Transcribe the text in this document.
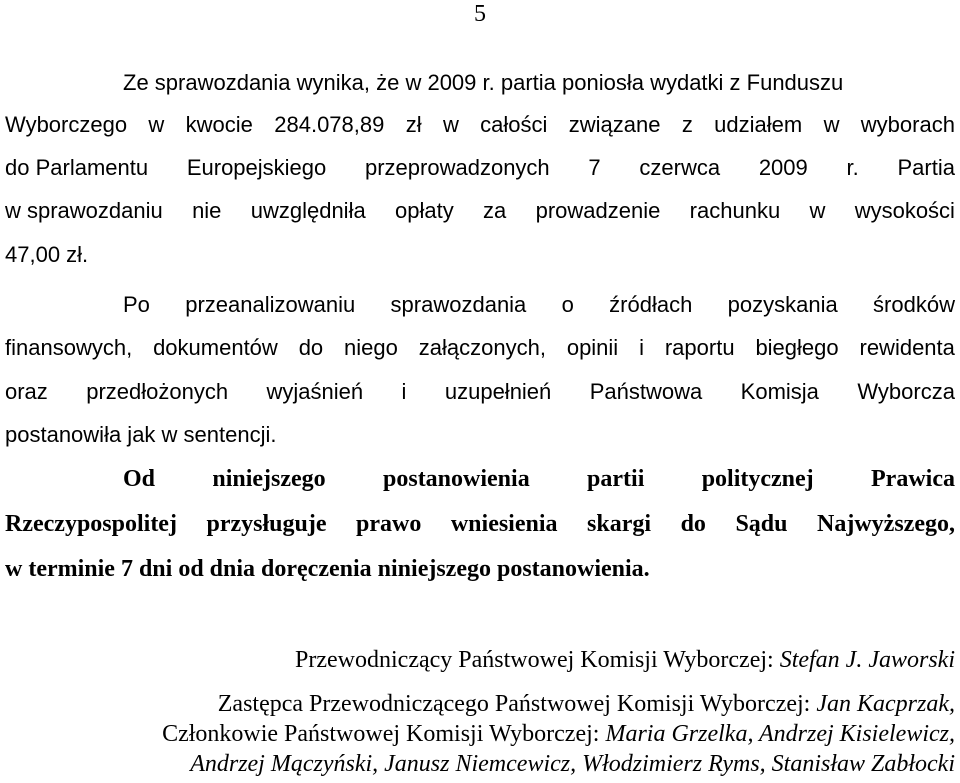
5
Ze sprawozdania wynika, że w 2009 r. partia poniosła wydatki z Funduszu
Wyborczego w kwocie 284.078,89 zł w całości związane z udziałem w wyborach
do Parlamentu Europejskiego przeprowadzonych 7 czerwca 2009 r. Partia
w sprawozdaniu nie uwzględniła opłaty za prowadzenie rachunku w wysokości
47,00 zł.
Po przeanalizowaniu sprawozdania o źródłach pozyskania środków
finansowych, dokumentów do niego załączonych, opinii i raportu biegłego rewidenta
oraz przedłożonych wyjaśnień i uzupełnień Państwowa Komisja Wyborcza
postanowiła jak w sentencji.
Od niniejszego postanowienia partii politycznej Prawica
Rzeczypospolitej przysługuje prawo wniesienia skargi do Sądu Najwyższego,
w terminie 7 dni od dnia doręczenia niniejszego postanowienia.
Przewodniczący Państwowej Komisji Wyborczej: Stefan J. Jaworski
Zastępca Przewodniczącego Państwowej Komisji Wyborczej: Jan Kacprzak,
Członkowie Państwowej Komisji Wyborczej: Maria Grzelka, Andrzej Kisielewicz,
Andrzej Mączyński, Janusz Niemcewicz, Włodzimierz Ryms, Stanisław Zabłocki
